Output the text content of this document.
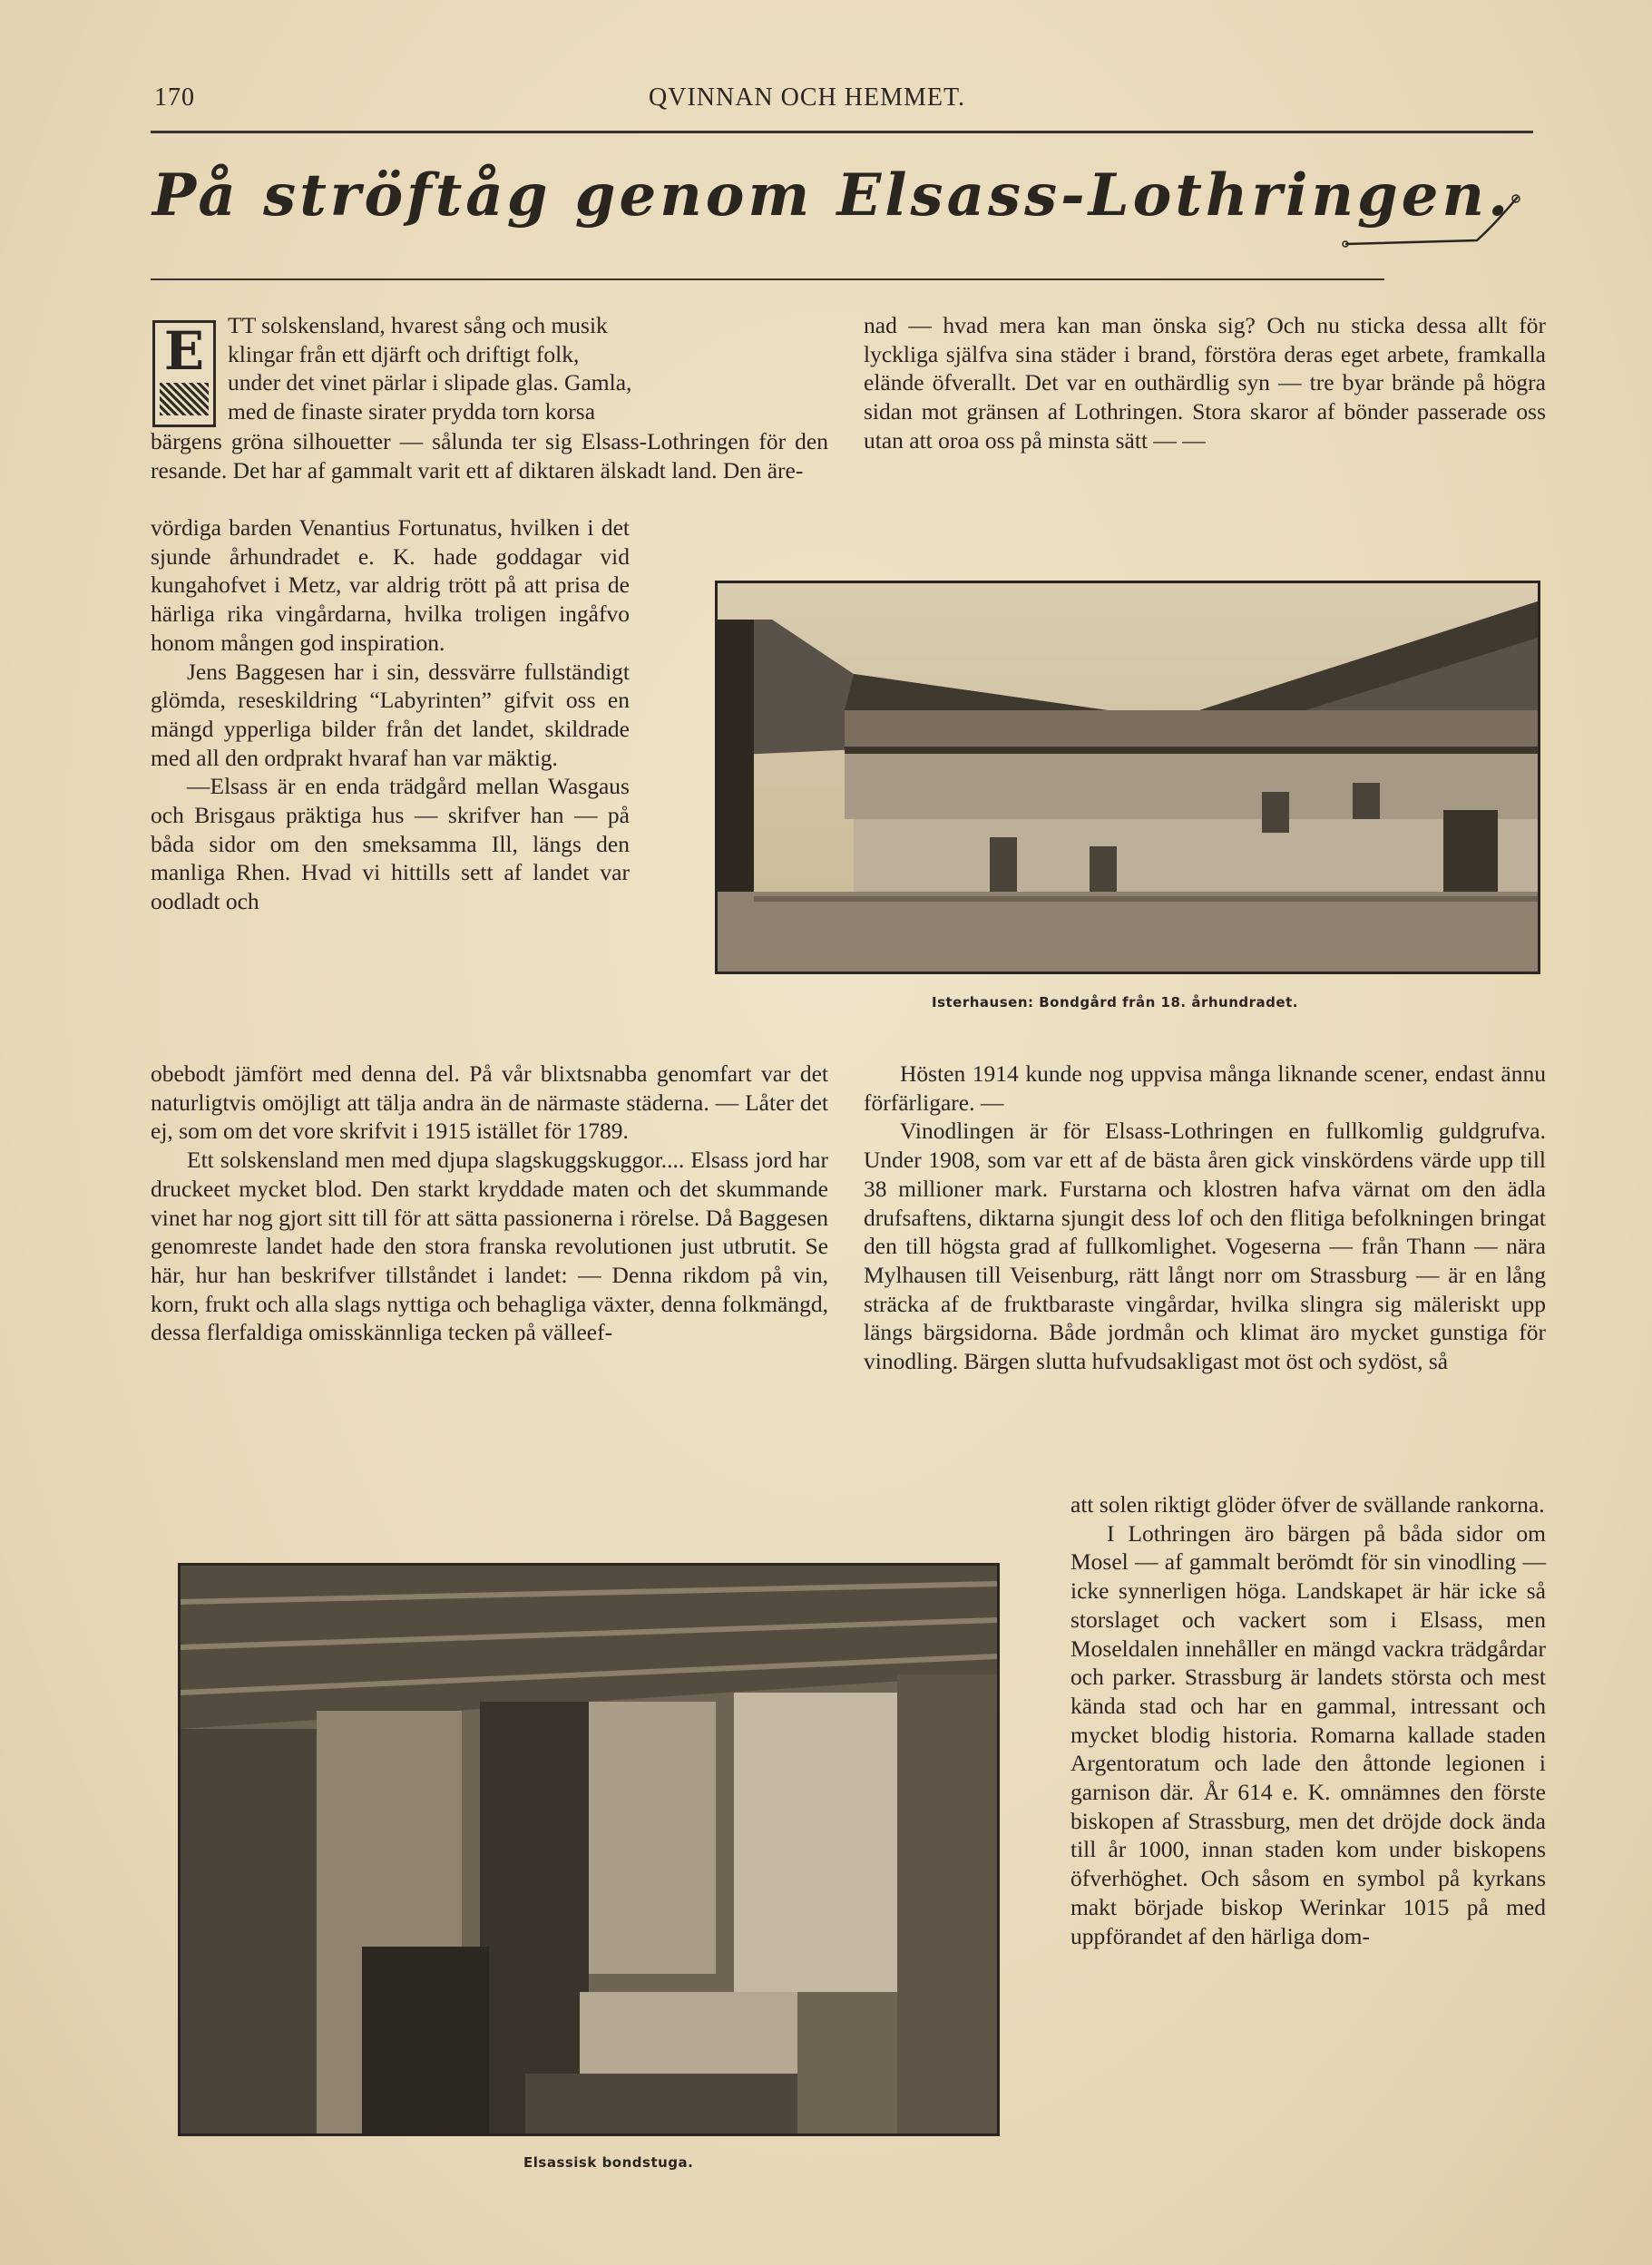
170	QVINNAN OCH HEMMET.
På ströftåg genom Elsass-Lothringen.
E	TT solskensland, hvarest sång och musik

klingar från ett djärft och driftigt folk,

under det vinet pärlar i slipade glas. Gamla,

med de finaste sirater prydda torn korsa

bärgens gröna silhouetter — sålunda ter sig Elsass-Lothringen för den resande. Det har af gammalt varit ett af diktaren älskadt land. Den äre-

vördiga barden Venantius Fortunatus, hvilken i det sjunde århundradet e. K. hade goddagar vid kungahofvet i Metz, var aldrig trött på att prisa de härliga rika vingårdarna, hvilka troligen ingåfvo honom mången god inspiration.

Jens Baggesen har i sin, dessvärre fullständigt glömda, reseskildring “Labyrinten” gifvit oss en mängd ypperliga bilder från det landet, skildrade med all den ordprakt hvaraf han var mäktig.

—Elsass är en enda trädgård mellan Wasgaus och Brisgaus präktiga hus — skrifver han — på båda sidor om den smeksamma Ill, längs den manliga Rhen. Hvad vi hittills sett af landet var oodladt och

obebodt jämfört med denna del. På vår blixtsnabba genomfart var det naturligtvis omöjligt att tälja andra än de närmaste städerna. — Låter det ej, som om det vore skrifvit i 1915 istället för 1789.

Ett solskensland men med djupa slagskuggskuggor.... Elsass jord har druckeet mycket blod. Den starkt kryddade maten och det skummande vinet har nog gjort sitt till för att sätta passionerna i rörelse. Då Baggesen genomreste landet hade den stora franska revolutionen just utbrutit. Se här, hur han beskrifver tillståndet i landet: — Denna rikdom på vin, korn, frukt och alla slags nyttiga och behagliga växter, denna folkmängd, dessa flerfaldiga omisskännliga tecken på välleef-

nad — hvad mera kan man önska sig? Och nu sticka dessa allt för lyckliga själfva sina städer i brand, förstöra deras eget arbete, framkalla elände öfverallt. Det var en outhärdlig syn — tre byar brände på högra sidan mot gränsen af Lothringen. Stora skaror af bönder passerade oss utan att oroa oss på minsta sätt — —

Isterhausen: Bondgård från 18. århundradet.

Hösten 1914 kunde nog uppvisa många liknande scener, endast ännu förfärligare. —

Vinodlingen är för Elsass-Lothringen en fullkomlig guldgrufva. Under 1908, som var ett af de bästa åren gick vinskördens värde upp till 38 millioner mark. Furstarna och klostren hafva värnat om den ädla drufsaftens, diktarna sjungit dess lof och den flitiga befolkningen bringat den till högsta grad af fullkomlighet. Vogeserna — från Thann — nära Mylhausen till Veisenburg, rätt långt norr om Strassburg — är en lång sträcka af de fruktbaraste vingårdar, hvilka slingra sig mäleriskt upp längs bärgsidorna. Både jordmån och klimat äro mycket gunstiga för vinodling. Bärgen slutta hufvudsakligast mot öst och sydöst, så

att solen riktigt glöder öfver de svällande rankorna.

I Lothringen äro bärgen på båda sidor om Mosel — af gammalt berömdt för sin vinodling — icke synnerligen höga. Landskapet är här icke så storslaget och vackert som i Elsass, men Moseldalen innehåller en mängd vackra trädgårdar och parker. Strassburg är landets största och mest kända stad och har en gammal, intressant och mycket blodig historia. Romarna kallade staden Argentoratum och lade den åttonde legionen i garnison där. År 614 e. K. omnämnes den förste biskopen af Strassburg, men det dröjde dock ända till år 1000, innan staden kom under biskopens öfverhöghet. Och såsom en symbol på kyrkans makt började biskop Werinkar 1015 på med uppförandet af den härliga dom-

Elsassisk bondstuga.
